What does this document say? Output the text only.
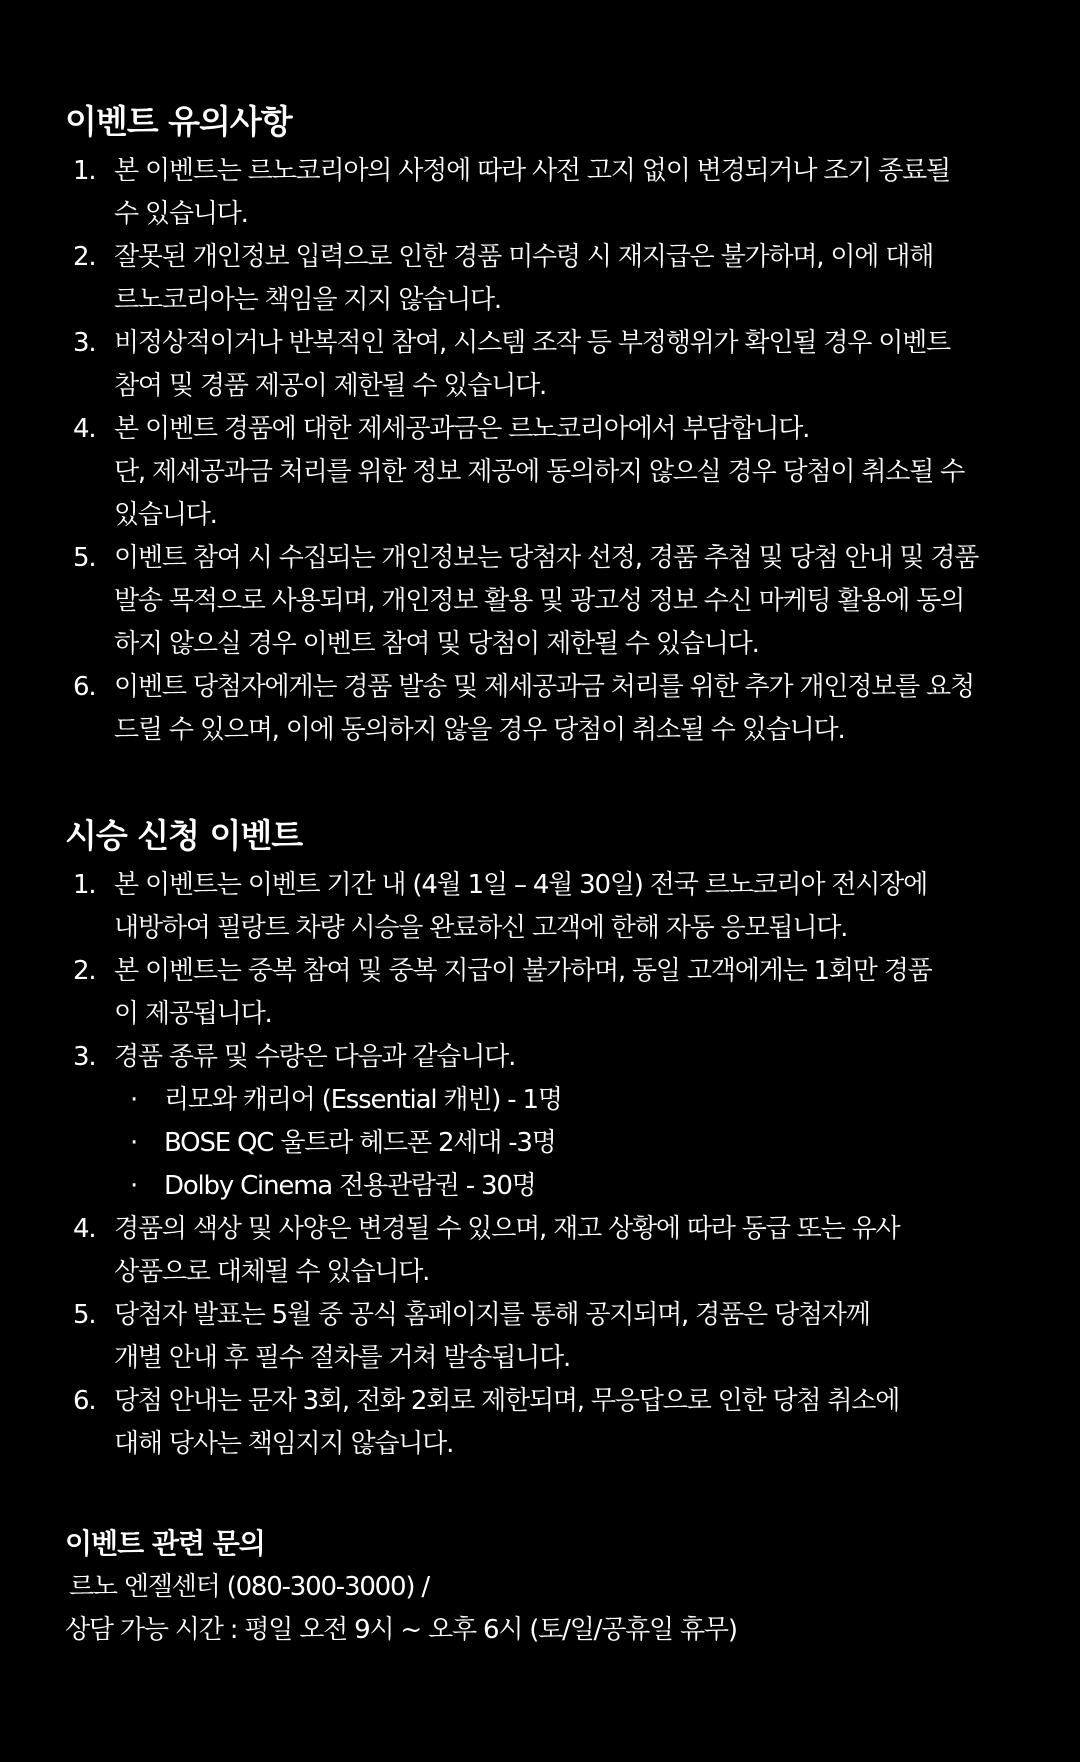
이벤트 유의사항
1. 본 이벤트는 르노코리아의 사정에 따라 사전 고지 없이 변경되거나 조기 종료될
수 있습니다.
2. 잘못된 개인정보 입력으로 인한 경품 미수령 시 재지급은 불가하며, 이에 대해
르노코리아는 책임을 지지 않습니다.
3. 비정상적이거나 반복적인 참여, 시스템 조작 등 부정행위가 확인될 경우 이벤트
참여 및 경품 제공이 제한될 수 있습니다.
4. 본 이벤트 경품에 대한 제세공과금은 르노코리아에서 부담합니다.
단, 제세공과금 처리를 위한 정보 제공에 동의하지 않으실 경우 당첨이 취소될 수
있습니다.
5. 이벤트 참여 시 수집되는 개인정보는 당첨자 선정, 경품 추첨 및 당첨 안내 및 경품
발송 목적으로 사용되며, 개인정보 활용 및 광고성 정보 수신 마케팅 활용에 동의
하지 않으실 경우 이벤트 참여 및 당첨이 제한될 수 있습니다.
6. 이벤트 당첨자에게는 경품 발송 및 제세공과금 처리를 위한 추가 개인정보를 요청
드릴 수 있으며, 이에 동의하지 않을 경우 당첨이 취소될 수 있습니다.
시승 신청 이벤트
1. 본 이벤트는 이벤트 기간 내 (4월 1일 – 4월 30일) 전국 르노코리아 전시장에
내방하여 필랑트 차량 시승을 완료하신 고객에 한해 자동 응모됩니다.
2. 본 이벤트는 중복 참여 및 중복 지급이 불가하며, 동일 고객에게는 1회만 경품
이 제공됩니다.
3. 경품 종류 및 수량은 다음과 같습니다.
· 리모와 캐리어 (Essential 캐빈) - 1명
· BOSE QC 울트라 헤드폰 2세대 -3명
· Dolby Cinema 전용관람권 - 30명
4. 경품의 색상 및 사양은 변경될 수 있으며, 재고 상황에 따라 동급 또는 유사
상품으로 대체될 수 있습니다.
5. 당첨자 발표는 5월 중 공식 홈페이지를 통해 공지되며, 경품은 당첨자께
개별 안내 후 필수 절차를 거쳐 발송됩니다.
6. 당첨 안내는 문자 3회, 전화 2회로 제한되며, 무응답으로 인한 당첨 취소에
대해 당사는 책임지지 않습니다.
이벤트 관련 문의
르노 엔젤센터 (080-300-3000) /
상담 가능 시간 : 평일 오전 9시 ~ 오후 6시 (토/일/공휴일 휴무)
